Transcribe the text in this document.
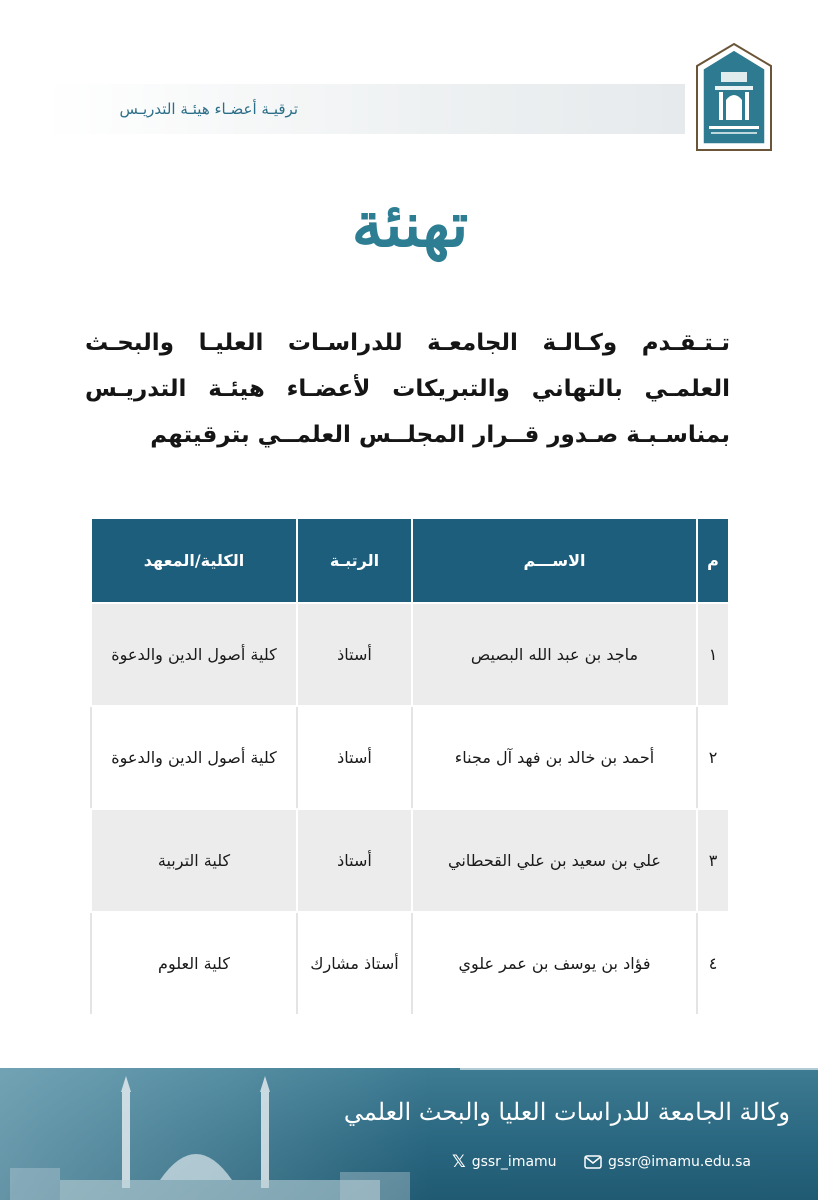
ترقيـة أعضـاء هيئـة التدريـس
تهنئة
تـتـقـدم وكـالـة الجامعـة للدراسـات العليـا والبحـث العلمـي بالتهاني والتبريكات لأعضـاء هيئـة التدريـس بمناسـبـة صـدور قــرار المجلــس العلمــي بترقيتهم
م	الاســـم	الرتبـة	الكلية/المعهد
١	ماجد بن عبد الله البصيص	أستاذ	كلية أصول الدين والدعوة
٢	أحمد بن خالد بن فهد آل مجناء	أستاذ	كلية أصول الدين والدعوة
٣	علي بن سعيد بن علي القحطاني	أستاذ	كلية التربية
٤	فؤاد بن يوسف بن عمر علوي	أستاذ مشارك	كلية العلوم
وكالة الجامعة للدراسات العليا والبحث العلمي
𝕏 gssr_imamu	gssr@imamu.edu.sa
